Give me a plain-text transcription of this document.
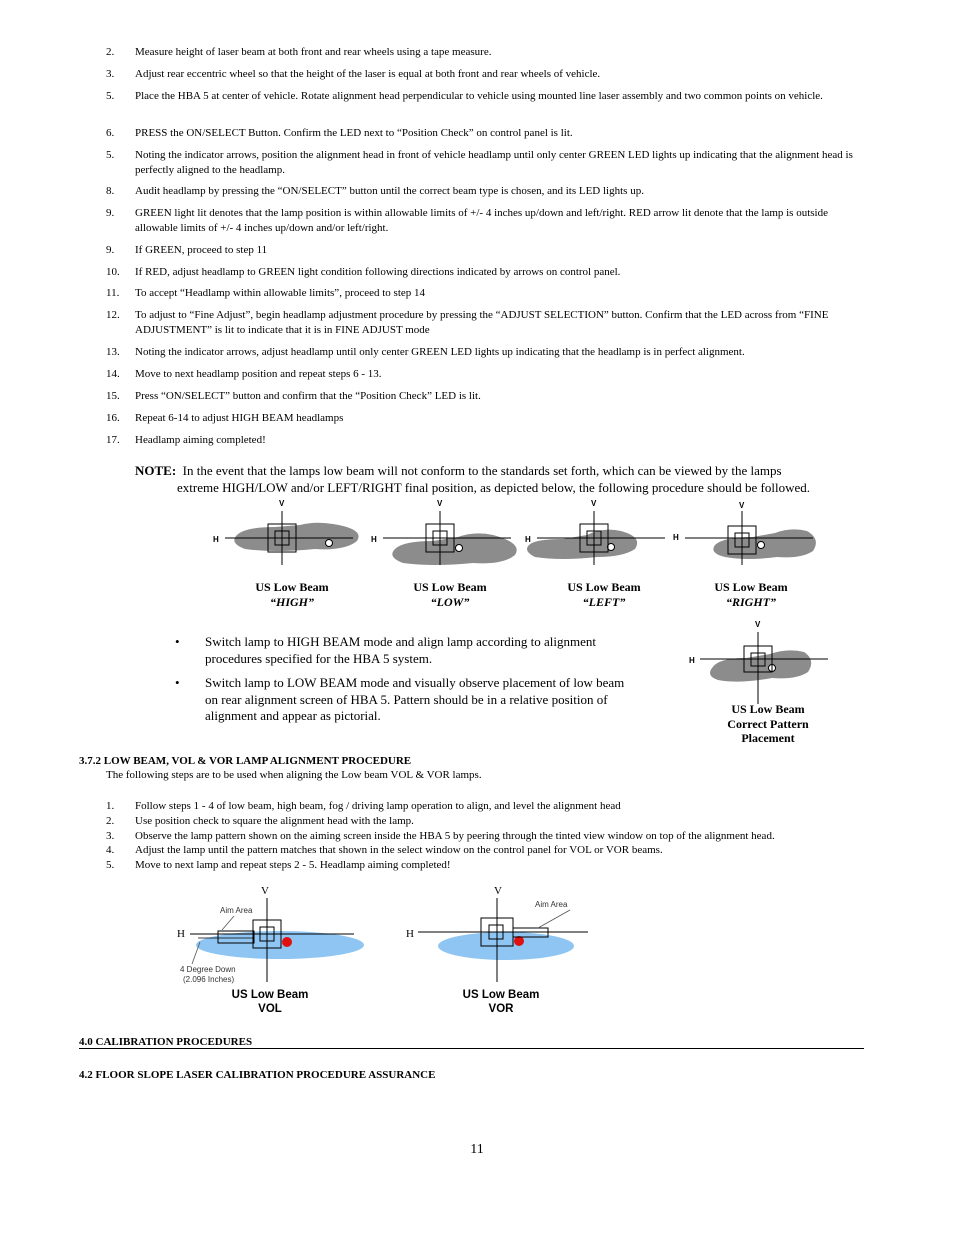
2. Measure height of laser beam at both front and rear wheels using a tape measure.
3. Adjust rear eccentric wheel so that the height of the laser is equal at both front and rear wheels of vehicle.
5. Place the HBA 5 at center of vehicle. Rotate alignment head perpendicular to vehicle using mounted line laser assembly and two common points on vehicle.
6. PRESS the ON/SELECT Button. Confirm the LED next to “Position Check” on control panel is lit.
5. Noting the indicator arrows, position the alignment head in front of vehicle headlamp until only center GREEN LED lights up indicating that the alignment head is perfectly aligned to the headlamp.
8. Audit headlamp by pressing the “ON/SELECT” button until the correct beam type is chosen, and its LED lights up.
9. GREEN light lit denotes that the lamp position is within allowable limits of +/- 4 inches up/down and left/right. RED arrow lit denote that the lamp is outside allowable limits of +/- 4 inches up/down and/or left/right.
9. If GREEN, proceed to step 11
10. If RED, adjust headlamp to GREEN light condition following directions indicated by arrows on control panel.
11. To accept “Headlamp within allowable limits”, proceed to step 14
12. To adjust to “Fine Adjust”, begin headlamp adjustment procedure by pressing the “ADJUST SELECTION” button. Confirm that the LED across from “FINE ADJUSTMENT” is lit to indicate that it is in FINE ADJUST mode
13. Noting the indicator arrows, adjust headlamp until only center GREEN LED lights up indicating that the headlamp is in perfect alignment.
14. Move to next headlamp position and repeat steps 6 - 13.
15. Press “ON/SELECT” button and confirm that the “Position Check” LED is lit.
16. Repeat 6-14 to adjust HIGH BEAM headlamps
17. Headlamp aiming completed!
NOTE: In the event that the lamps low beam will not conform to the standards set forth, which can be viewed by the lamps
extreme HIGH/LOW and/or LEFT/RIGHT final position, as depicted below, the following procedure should be followed.
V
H
V
H
V
H
V
H
US Low Beam
“HIGH”
US Low Beam
“LOW”
US Low Beam
“LEFT”
US Low Beam
“RIGHT”
• Switch lamp to HIGH BEAM mode and align lamp according to alignment procedures specified for the HBA 5 system.
• Switch lamp to LOW BEAM mode and visually observe placement of low beam on rear alignment screen of HBA 5. Pattern should be in a relative position of alignment and appear as pictorial.
V
H
US Low Beam
Correct Pattern
Placement
3.7.2 LOW BEAM, VOL & VOR LAMP ALIGNMENT PROCEDURE
The following steps are to be used when aligning the Low beam VOL & VOR lamps.
1. Follow steps 1 - 4 of low beam, high beam, fog / driving lamp operation to align, and level the alignment head
2. Use position check to square the alignment head with the lamp.
3. Observe the lamp pattern shown on the aiming screen inside the HBA 5 by peering through the tinted view window on top of the alignment head.
4. Adjust the lamp until the pattern matches that shown in the select window on the control panel for VOL or VOR beams.
5. Move to next lamp and repeat steps 2 - 5. Headlamp aiming completed!
V
H
Aim Area
4 Degree Down
(2.096 Inches)
US Low Beam
VOL
V
H
Aim Area
US Low Beam
VOR
4.0 CALIBRATION PROCEDURES
4.2 FLOOR SLOPE LASER CALIBRATION PROCEDURE ASSURANCE
11
